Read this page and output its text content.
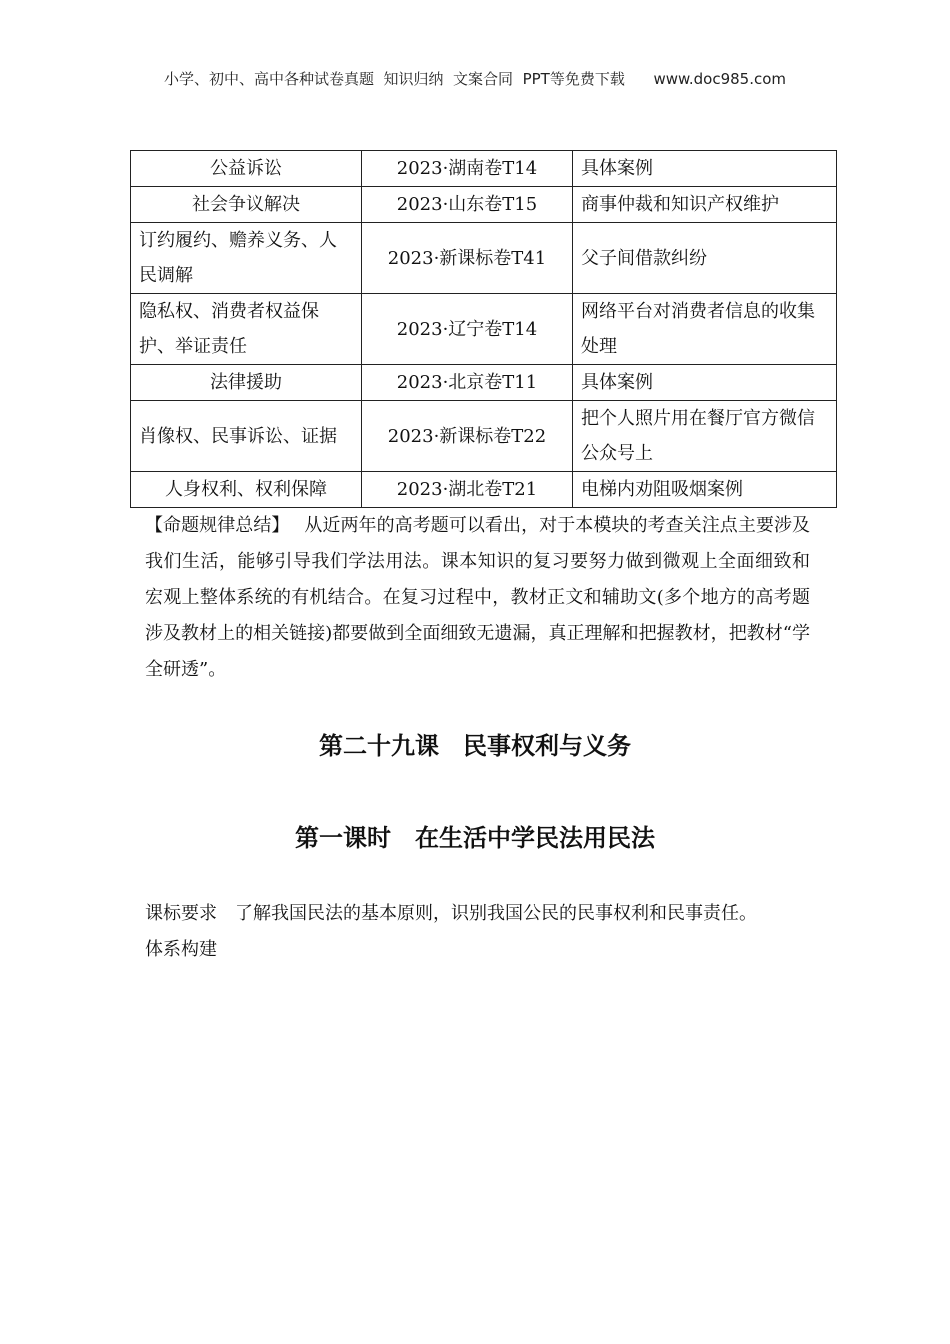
小学、初中、高中各种试卷真题  知识归纳  文案合同  PPT等免费下载      www.doc985.com
公益诉讼	2023·湖南卷T14	具体案例
社会争议解决	2023·山东卷T15	商事仲裁和知识产权维护
订约履约、赡养义务、人民调解	2023·新课标卷T41	父子间借款纠纷
隐私权、消费者权益保护、举证责任	2023·辽宁卷T14	网络平台对消费者信息的收集处理
法律援助	2023·北京卷T11	具体案例
肖像权、民事诉讼、证据	2023·新课标卷T22	把个人照片用在餐厅官方微信公众号上
人身权利、权利保障	2023·湖北卷T21	电梯内劝阻吸烟案例
【命题规律总结】　 从近两年的高考题可以看出，对于本模块的考查关注点主要涉及我们生活，能够引导我们学法用法。课本知识的复习要努力做到微观上全面细致和宏观上整体系统的有机结合。在复习过程中，教材正文和辅助文(多个地方的高考题涉及教材上的相关链接)都要做到全面细致无遗漏，真正理解和把握教材，把教材“学全研透”。
第二十九课　民事权利与义务
第一课时　在生活中学民法用民法
课标要求　 了解我国民法的基本原则，识别我国公民的民事权利和民事责任。
体系构建
